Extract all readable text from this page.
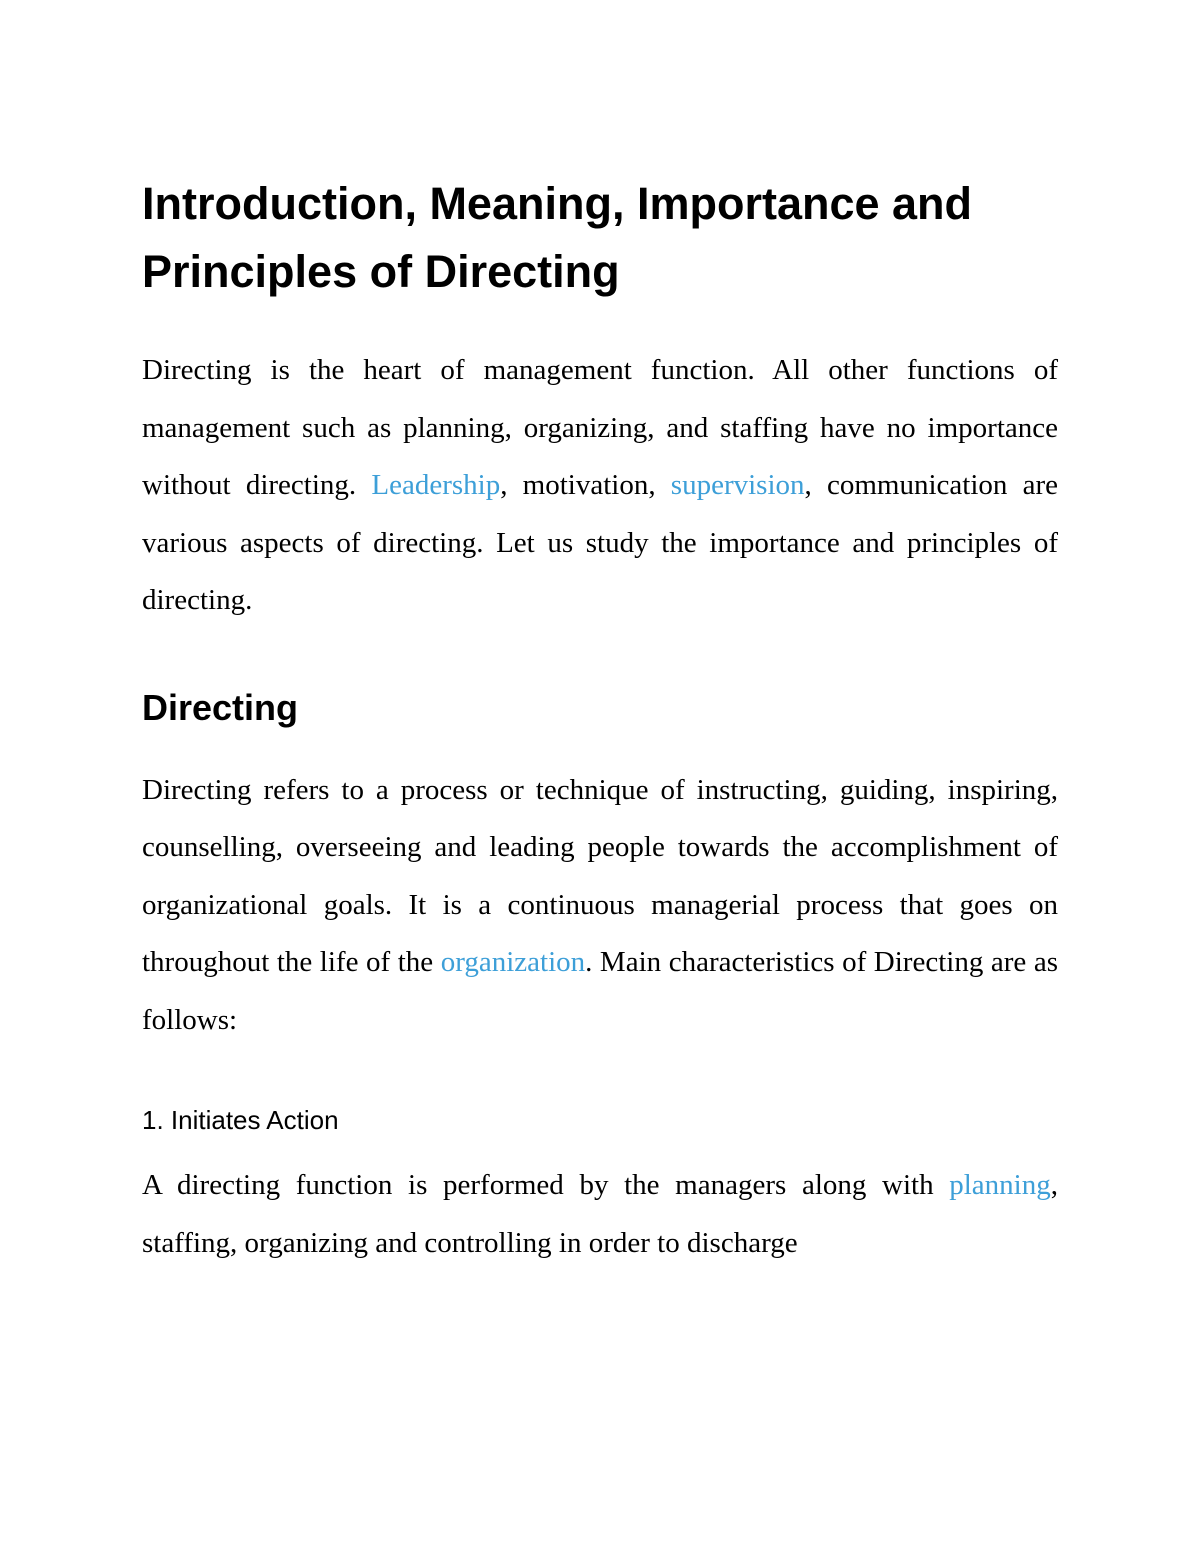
Introduction, Meaning, Importance and Principles of Directing

Directing is the heart of management function. All other functions of management such as planning, organizing, and staffing have no importance without directing. Leadership, motivation, supervision, communication are various aspects of directing. Let us study the importance and principles of directing.

Directing

Directing refers to a process or technique of instructing, guiding, inspiring, counselling, overseeing and leading people towards the accomplishment of organizational goals. It is a continuous managerial process that goes on throughout the life of the organization. Main characteristics of Directing are as follows:

1. Initiates Action

A directing function is performed by the managers along with planning, staffing, organizing and controlling in order to discharge
